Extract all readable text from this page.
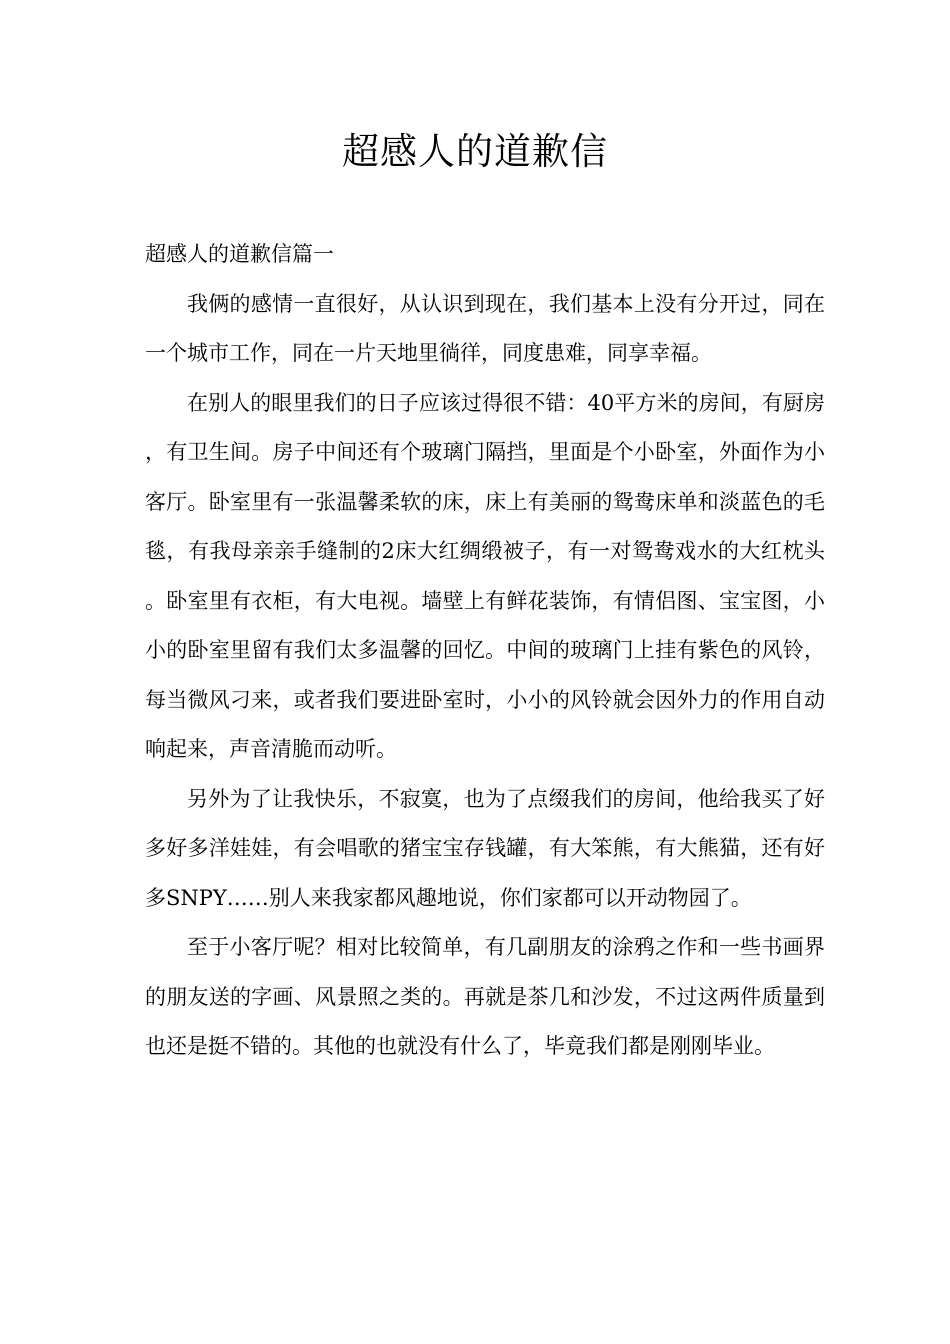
超感人的道歉信

超感人的道歉信篇一

我俩的感情一直很好，从认识到现在，我们基本上没有分开过，同在一个城市工作，同在一片天地里徜徉，同度患难，同享幸福。

在别人的眼里我们的日子应该过得很不错：40平方米的房间，有厨房，有卫生间。房子中间还有个玻璃门隔挡，里面是个小卧室，外面作为小客厅。卧室里有一张温馨柔软的床，床上有美丽的鸳鸯床单和淡蓝色的毛毯，有我母亲亲手缝制的2床大红绸缎被子，有一对鸳鸯戏水的大红枕头。卧室里有衣柜，有大电视。墙壁上有鲜花装饰，有情侣图、宝宝图，小小的卧室里留有我们太多温馨的回忆。中间的玻璃门上挂有紫色的风铃，每当微风刁来，或者我们要进卧室时，小小的风铃就会因外力的作用自动响起来，声音清脆而动听。

另外为了让我快乐，不寂寞，也为了点缀我们的房间，他给我买了好多好多洋娃娃，有会唱歌的猪宝宝存钱罐，有大笨熊，有大熊猫，还有好多SNPY……别人来我家都风趣地说，你们家都可以开动物园了。

至于小客厅呢？相对比较简单，有几副朋友的涂鸦之作和一些书画界的朋友送的字画、风景照之类的。再就是茶几和沙发，不过这两件质量到也还是挺不错的。其他的也就没有什么了，毕竟我们都是刚刚毕业。
